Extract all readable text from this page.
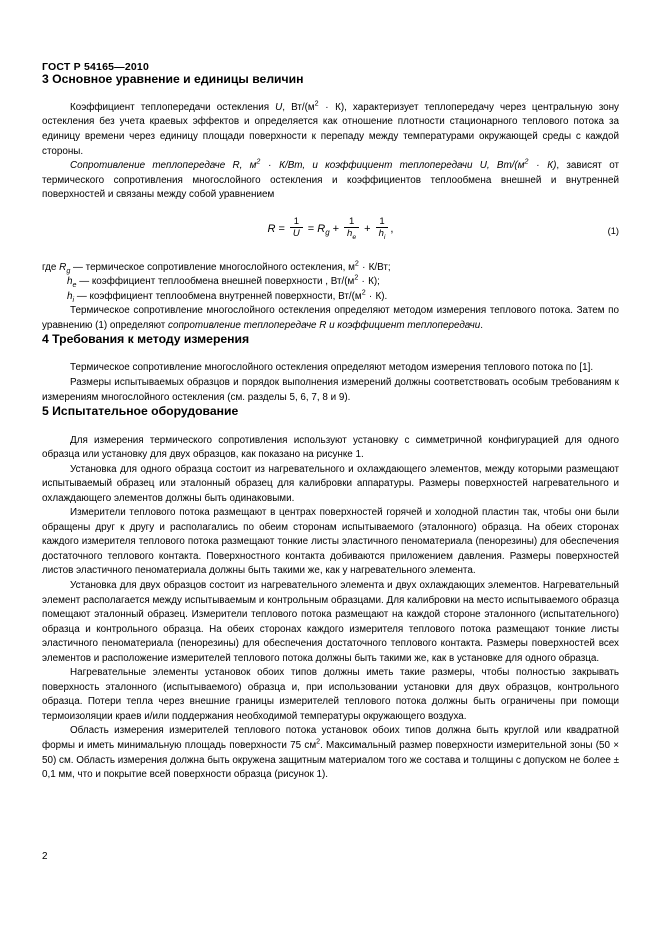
ГОСТ Р 54165—2010
3 Основное уравнение и единицы величин

Коэффициент теплопередачи остекления U, $Вт/(м^2 \cdot К)$, характеризует теплопередачу через центральную зону остекления без учета краевых эффектов и определяется как отношение плотности стационарного теплового потока за единицу времени через единицу площади поверхности к перепаду между температурами окружающей среды с каждой стороны.

Сопротивление теплопередаче R, $м^2 \cdot К/Вт$, и коэффициент теплопередачи U, $Вт/(м^2 \cdot К)$, зависят от термического сопротивления многослойного остекления и коэффициентов теплообмена внешней и внутренней поверхностей и связаны между собой уравнением

$R = \frac{1}{U} = R_g + \frac{1}{h_e} + \frac{1}{h_i}$ ,	(1)
где $R_g$ — термическое сопротивление многослойного остекления, $м^2 \cdot К/Вт$;
$h_e$ — коэффициент теплообмена внешней поверхности , $Вт/(м^2 \cdot К)$;
$h_i$ — коэффициент теплообмена внутренней поверхности, $Вт/(м^2 \cdot К)$.

Термическое сопротивление многослойного остекления определяют методом измерения теплового потока. Затем по уравнению (1) определяют сопротивление теплопередаче R и коэффициент теплопередачи.

4 Требования к методу измерения

Термическое сопротивление многослойного остекления определяют методом измерения теплового потока по [1].

Размеры испытываемых образцов и порядок выполнения измерений должны соответствовать особым требованиям к измерениям многослойного остекления (см. разделы 5, 6, 7, 8 и 9).

5 Испытательное оборудование

Для измерения термического сопротивления используют установку с симметричной конфигурацией для одного образца или установку для двух образцов, как показано на рисунке 1.

Установка для одного образца состоит из нагревательного и охлаждающего элементов, между которыми размещают испытываемый образец или эталонный образец для калибровки аппаратуры. Размеры поверхностей нагревательного и охлаждающего элементов должны быть одинаковыми.

Измерители теплового потока размещают в центрах поверхностей горячей и холодной пластин так, чтобы они были обращены друг к другу и располагались по обеим сторонам испытываемого (эталонного) образца. На обеих сторонах каждого измерителя теплового потока размещают тонкие листы эластичного пеноматериала (пенорезины) для обеспечения достаточного теплового контакта. Поверхностного контакта добиваются приложением давления. Размеры поверхностей листов эластичного пеноматериала должны быть такими же, как у нагревательного элемента.

Установка для двух образцов состоит из нагревательного элемента и двух охлаждающих элементов. Нагревательный элемент располагается между испытываемым и контрольным образцами. Для калибровки на место испытываемого образца помещают эталонный образец. Измерители теплового потока размещают на каждой стороне эталонного (испытательного) образца и контрольного образца. На обеих сторонах каждого измерителя теплового потока размещают тонкие листы эластичного пеноматериала (пенорезины) для обеспечения достаточного теплового контакта. Размеры поверхностей всех элементов и расположение измерителей теплового потока должны быть такими же, как в установке для одного образца.

Нагревательные элементы установок обоих типов должны иметь такие размеры, чтобы полностью закрывать поверхность эталонного (испытываемого) образца и, при использовании установки для двух образцов, контрольного образца. Потери тепла через внешние границы измерителей теплового потока должны быть ограничены при помощи термоизоляции краев и/или поддержания необходимой температуры окружающего воздуха.

Область измерения измерителей теплового потока установок обоих типов должна быть круглой или квадратной формы и иметь минимальную площадь поверхности 75 $см^2$. Максимальный размер поверхности измерительной зоны (50 × 50) см. Область измерения должна быть окружена защитным материалом того же состава и толщины с допуском не более ± 0,1 мм, что и покрытие всей поверхности образца (рисунок 1).

2
